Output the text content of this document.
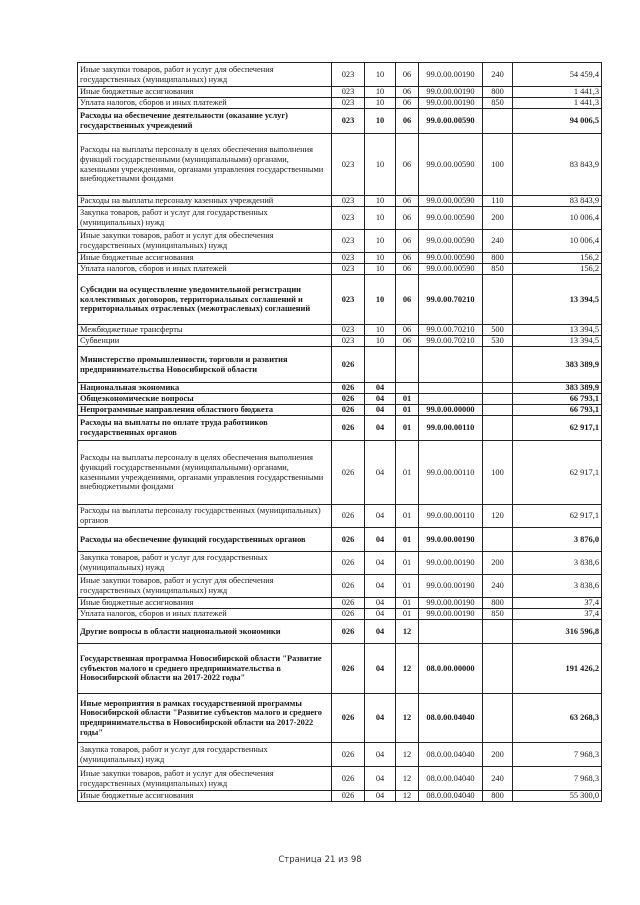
Иные закупки товаров, работ и услуг для обеспечения государственных (муниципальных) нужд	023	10	06	99.0.00.00190	240	54 459,4
Иные бюджетные ассигнования	023	10	06	99.0.00.00190	800	1 441,3
Уплата налогов, сборов и иных платежей	023	10	06	99.0.00.00190	850	1 441,3
Расходы на обеспечение деятельности (оказание услуг) государственных учреждений	023	10	06	99.0.00.00590		94 006,5
Расходы на выплаты персоналу в целях обеспечения выполнения функций государственными (муниципальными) органами, казенными учреждениями, органами управления государственными внебюджетными фондами	023	10	06	99.0.00.00590	100	83 843,9
Расходы на выплаты персоналу казенных учреждений	023	10	06	99.0.00.00590	110	83 843,9
Закупка товаров, работ и услуг для государственных (муниципальных) нужд	023	10	06	99.0.00.00590	200	10 006,4
Иные закупки товаров, работ и услуг для обеспечения государственных (муниципальных) нужд	023	10	06	99.0.00.00590	240	10 006,4
Иные бюджетные ассигнования	023	10	06	99.0.00.00590	800	156,2
Уплата налогов, сборов и иных платежей	023	10	06	99.0.00.00590	850	156,2
Субсидии на осуществление уведомительной регистрации коллективных договоров, территориальных соглашений и территориальных отраслевых (межотраслевых) соглашений	023	10	06	99.0.00.70210		13 394,5
Межбюджетные трансферты	023	10	06	99.0.00.70210	500	13 394,5
Субвенции	023	10	06	99.0.00.70210	530	13 394,5
Министерство промышленности, торговли и развития предпринимательства Новосибирской области	026					383 389,9
Национальная экономика	026	04				383 389,9
Общеэкономические вопросы	026	04	01			66 793,1
Непрограммные направления областного бюджета	026	04	01	99.0.00.00000		66 793,1
Расходы на выплаты по оплате труда работников государственных органов	026	04	01	99.0.00.00110		62 917,1
Расходы на выплаты персоналу в целях обеспечения выполнения функций государственными (муниципальными) органами, казенными учреждениями, органами управления государственными внебюджетными фондами	026	04	01	99.0.00.00110	100	62 917,1
Расходы на выплаты персоналу государственных (муниципальных) органов	026	04	01	99.0.00.00110	120	62 917,1
Расходы на обеспечение функций государственных органов	026	04	01	99.0.00.00190		3 876,0
Закупка товаров, работ и услуг для государственных (муниципальных) нужд	026	04	01	99.0.00.00190	200	3 838,6
Иные закупки товаров, работ и услуг для обеспечения государственных (муниципальных) нужд	026	04	01	99.0.00.00190	240	3 838,6
Иные бюджетные ассигнования	026	04	01	99.0.00.00190	800	37,4
Уплата налогов, сборов и иных платежей	026	04	01	99.0.00.00190	850	37,4
Другие вопросы в области национальной экономики	026	04	12			316 596,8
Государственная программа Новосибирской области "Развитие субъектов малого и среднего предпринимательства в Новосибирской области на 2017-2022 годы"	026	04	12	08.0.00.00000		191 426,2
Иные мероприятия в рамках государственной программы Новосибирской области "Развитие субъектов малого и среднего предпринимательства в Новосибирской области на 2017-2022 годы"	026	04	12	08.0.00.04040		63 268,3
Закупка товаров, работ и услуг для государственных (муниципальных) нужд	026	04	12	08.0.00.04040	200	7 968,3
Иные закупки товаров, работ и услуг для обеспечения государственных (муниципальных) нужд	026	04	12	08.0.00.04040	240	7 968,3
Иные бюджетные ассигнования	026	04	12	08.0.00.04040	800	55 300,0
Страница 21 из 98
